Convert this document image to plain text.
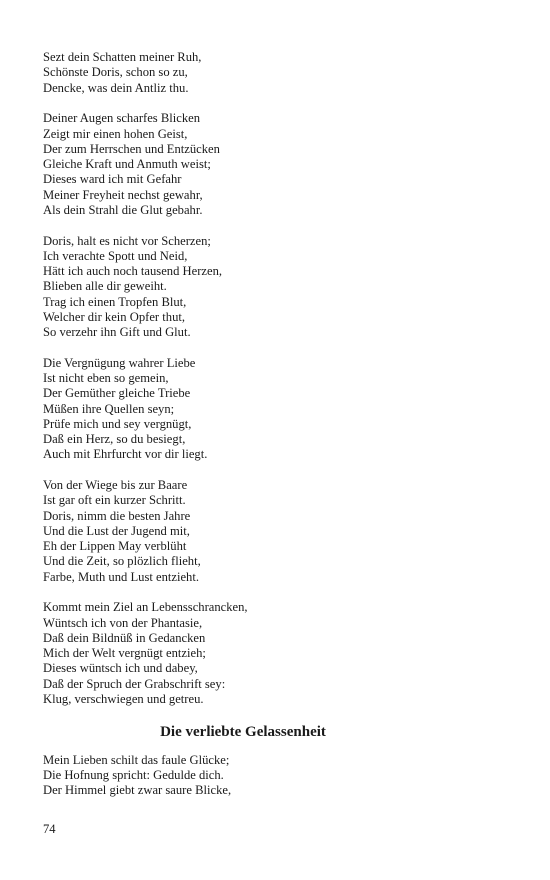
Sezt dein Schatten meiner Ruh,
Schönste Doris, schon so zu,
Dencke, was dein Antliz thu.
Deiner Augen scharfes Blicken
Zeigt mir einen hohen Geist,
Der zum Herrschen und Entzücken
Gleiche Kraft und Anmuth weist;
Dieses ward ich mit Gefahr
Meiner Freyheit nechst gewahr,
Als dein Strahl die Glut gebahr.
Doris, halt es nicht vor Scherzen;
Ich verachte Spott und Neid,
Hätt ich auch noch tausend Herzen,
Blieben alle dir geweiht.
Trag ich einen Tropfen Blut,
Welcher dir kein Opfer thut,
So verzehr ihn Gift und Glut.
Die Vergnügung wahrer Liebe
Ist nicht eben so gemein,
Der Gemüther gleiche Triebe
Müßen ihre Quellen seyn;
Prüfe mich und sey vergnügt,
Daß ein Herz, so du besiegt,
Auch mit Ehrfurcht vor dir liegt.
Von der Wiege bis zur Baare
Ist gar oft ein kurzer Schritt.
Doris, nimm die besten Jahre
Und die Lust der Jugend mit,
Eh der Lippen May verblüht
Und die Zeit, so plözlich flieht,
Farbe, Muth und Lust entzieht.
Kommt mein Ziel an Lebensschrancken,
Wüntsch ich von der Phantasie,
Daß dein Bildnüß in Gedancken
Mich der Welt vergnügt entzieh;
Dieses wüntsch ich und dabey,
Daß der Spruch der Grabschrift sey:
Klug, verschwiegen und getreu.
Die verliebte Gelassenheit
Mein Lieben schilt das faule Glücke;
Die Hofnung spricht: Gedulde dich.
Der Himmel giebt zwar saure Blicke,
74
